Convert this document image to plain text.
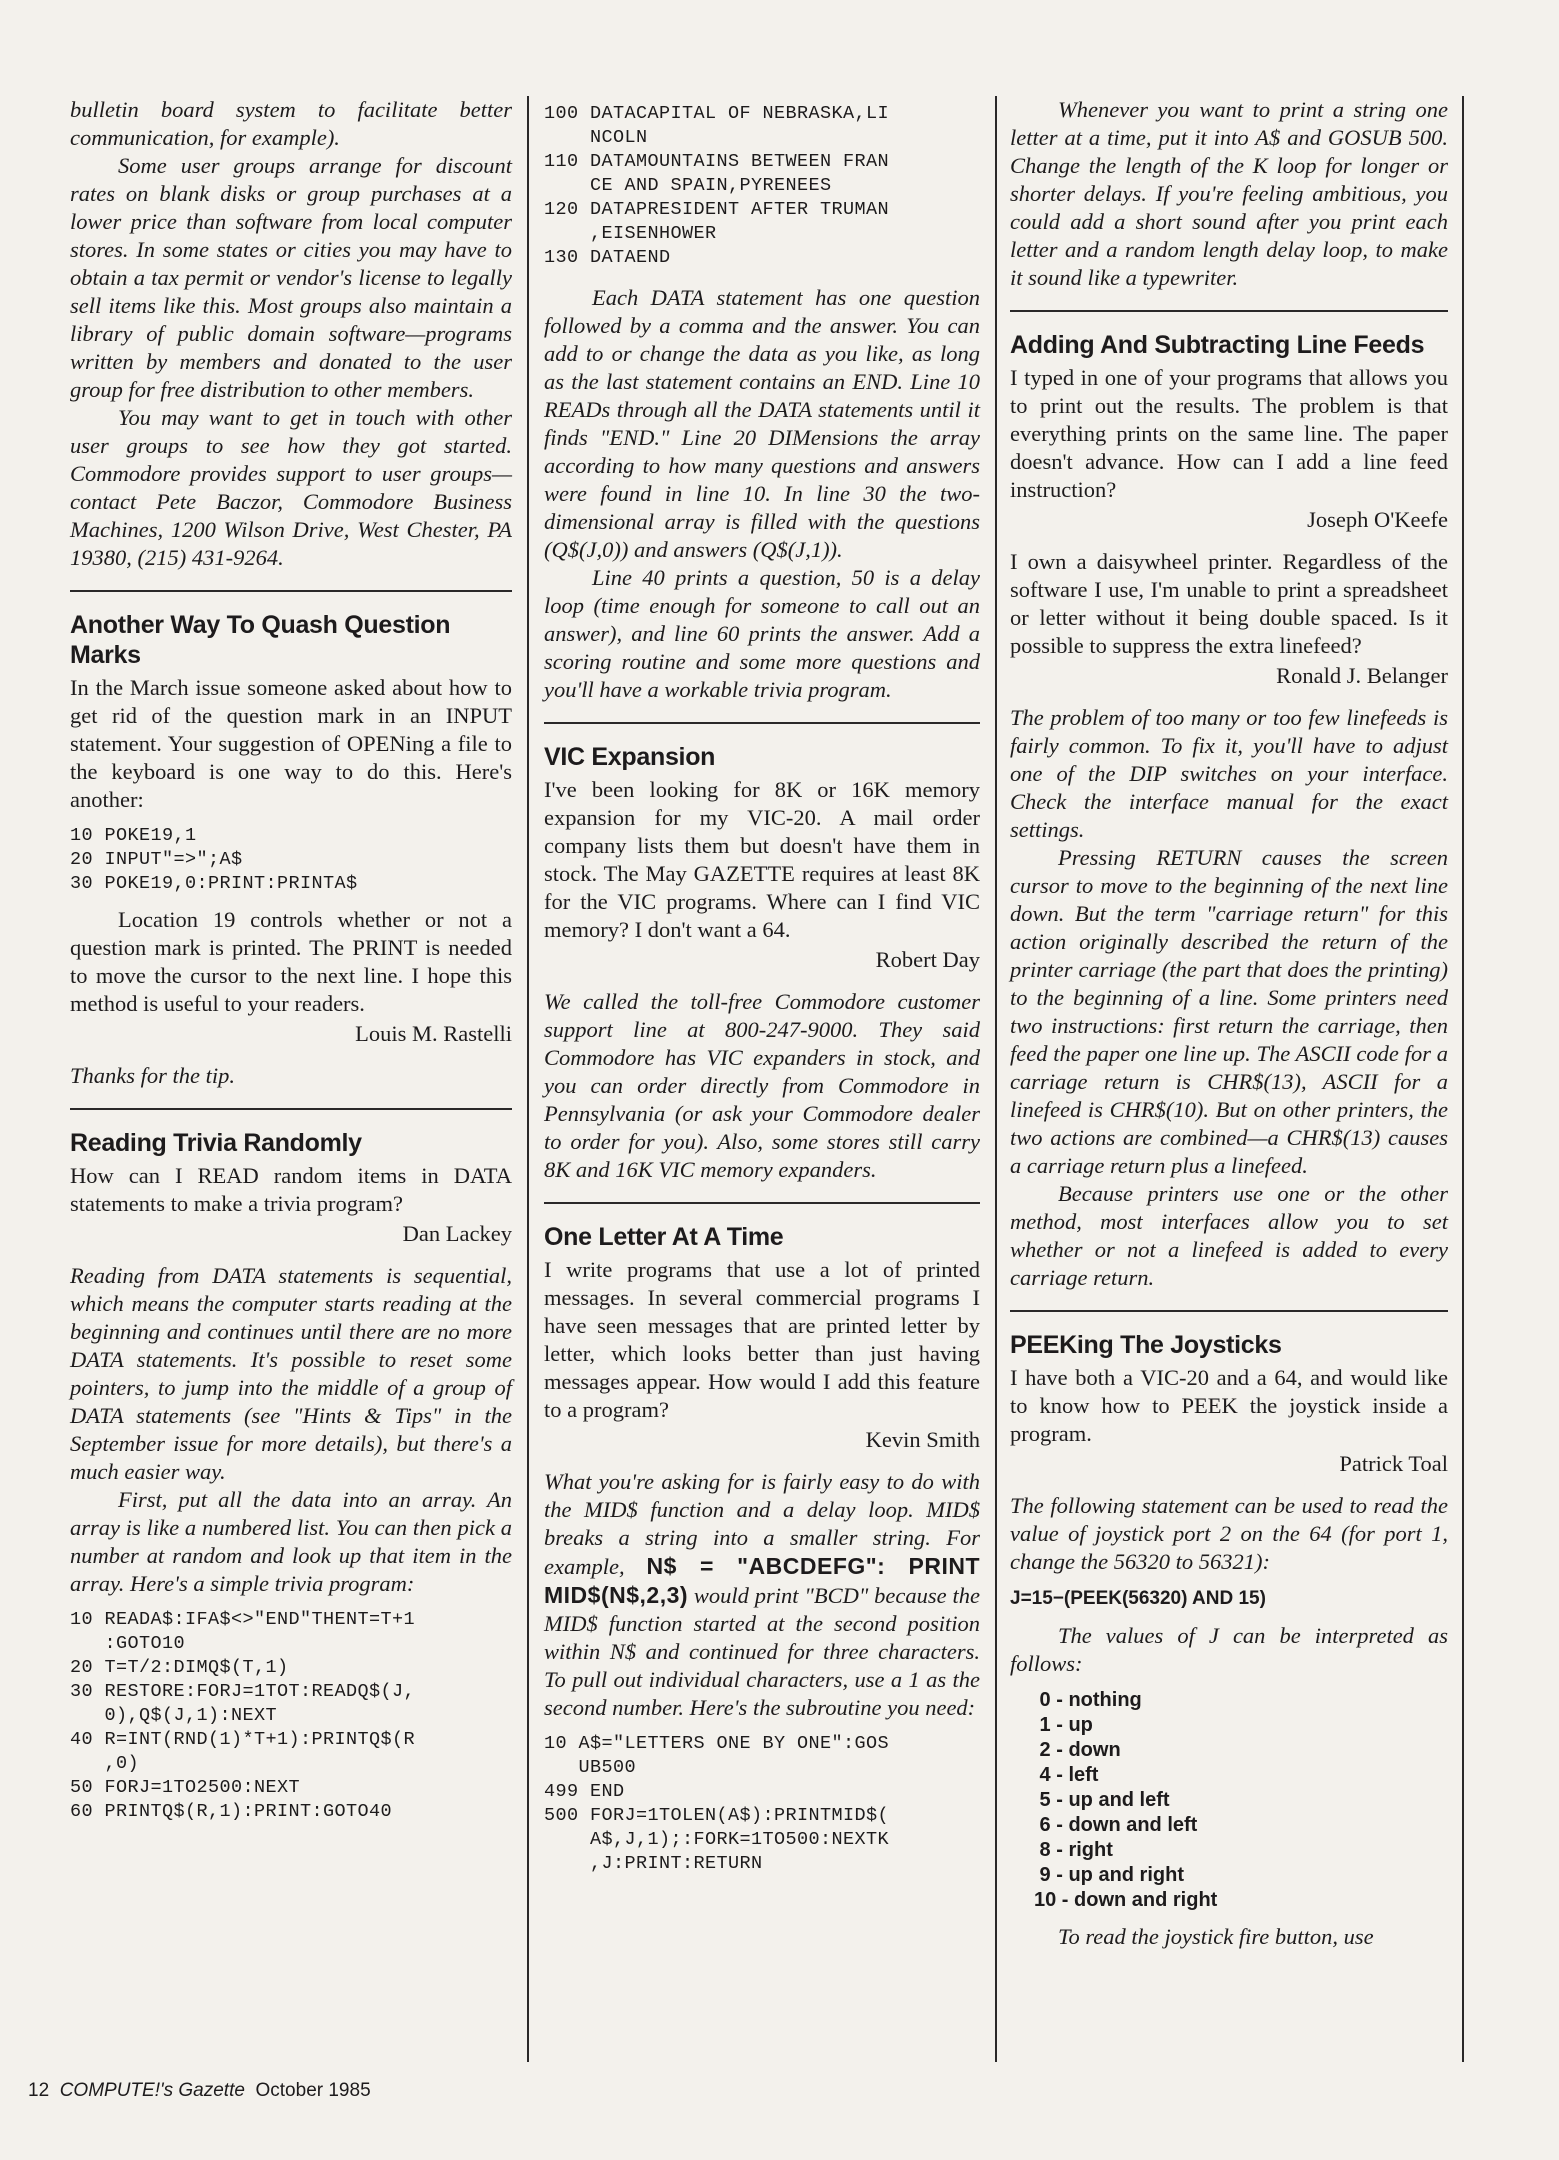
bulletin board system to facilitate better communication, for example).

Some user groups arrange for discount rates on blank disks or group purchases at a lower price than software from local computer stores. In some states or cities you may have to obtain a tax permit or vendor's license to legally sell items like this. Most groups also maintain a library of public domain software—programs written by members and donated to the user group for free distribution to other members.

You may want to get in touch with other user groups to see how they got started. Commodore provides support to user groups—contact Pete Baczor, Commodore Business Machines, 1200 Wilson Drive, West Chester, PA 19380, (215) 431-9264.

Another Way To Quash Question Marks

In the March issue someone asked about how to get rid of the question mark in an INPUT statement. Your suggestion of OPENing a file to the keyboard is one way to do this. Here's another:

10 POKE19,1
20 INPUT"=>";A$
30 POKE19,0:PRINT:PRINTA$

Location 19 controls whether or not a question mark is printed. The PRINT is needed to move the cursor to the next line. I hope this method is useful to your readers.

Louis M. Rastelli

Thanks for the tip.

Reading Trivia Randomly

How can I READ random items in DATA statements to make a trivia program?

Dan Lackey

Reading from DATA statements is sequential, which means the computer starts reading at the beginning and continues until there are no more DATA statements. It's possible to reset some pointers, to jump into the middle of a group of DATA statements (see "Hints & Tips" in the September issue for more details), but there's a much easier way.

First, put all the data into an array. An array is like a numbered list. You can then pick a number at random and look up that item in the array. Here's a simple trivia program:

10 READA$:IFA$<>"END"THENT=T+1
:GOTO10
20 T=T/2:DIMQ$(T,1)
30 RESTORE:FORJ=1TOT:READQ$(J,
0),Q$(J,1):NEXT
40 R=INT(RND(1)*T+1):PRINTQ$(R
,0)
50 FORJ=1TO2500:NEXT
60 PRINTQ$(R,1):PRINT:GOTO40
100 DATACAPITAL OF NEBRASKA,LI
NCOLN
110 DATAMOUNTAINS BETWEEN FRAN
CE AND SPAIN,PYRENEES
120 DATAPRESIDENT AFTER TRUMAN
,EISENHOWER
130 DATAEND

Each DATA statement has one question followed by a comma and the answer. You can add to or change the data as you like, as long as the last statement contains an END. Line 10 READs through all the DATA statements until it finds "END." Line 20 DIMensions the array according to how many questions and answers were found in line 10. In line 30 the two-dimensional array is filled with the questions (Q$(J,0)) and answers (Q$(J,1)).

Line 40 prints a question, 50 is a delay loop (time enough for someone to call out an answer), and line 60 prints the answer. Add a scoring routine and some more questions and you'll have a workable trivia program.

VIC Expansion

I've been looking for 8K or 16K memory expansion for my VIC-20. A mail order company lists them but doesn't have them in stock. The May GAZETTE requires at least 8K for the VIC programs. Where can I find VIC memory? I don't want a 64.

Robert Day

We called the toll-free Commodore customer support line at 800-247-9000. They said Commodore has VIC expanders in stock, and you can order directly from Commodore in Pennsylvania (or ask your Commodore dealer to order for you). Also, some stores still carry 8K and 16K VIC memory expanders.

One Letter At A Time

I write programs that use a lot of printed messages. In several commercial programs I have seen messages that are printed letter by letter, which looks better than just having messages appear. How would I add this feature to a program?

Kevin Smith

What you're asking for is fairly easy to do with the MID$ function and a delay loop. MID$ breaks a string into a smaller string. For example, N$ = "ABCDEFG": PRINT MID$(N$,2,3) would print "BCD" because the MID$ function started at the second position within N$ and continued for three characters. To pull out individual characters, use a 1 as the second number. Here's the subroutine you need:

10 A$="LETTERS ONE BY ONE":GOS
UB500
499 END
500 FORJ=1TOLEN(A$):PRINTMID$(
A$,J,1);:FORK=1TO500:NEXTK
,J:PRINT:RETURN

Whenever you want to print a string one letter at a time, put it into A$ and GOSUB 500. Change the length of the K loop for longer or shorter delays. If you're feeling ambitious, you could add a short sound after you print each letter and a random length delay loop, to make it sound like a typewriter.

Adding And Subtracting Line Feeds

I typed in one of your programs that allows you to print out the results. The problem is that everything prints on the same line. The paper doesn't advance. How can I add a line feed instruction?

Joseph O'Keefe

I own a daisywheel printer. Regardless of the software I use, I'm unable to print a spreadsheet or letter without it being double spaced. Is it possible to suppress the extra linefeed?

Ronald J. Belanger

The problem of too many or too few linefeeds is fairly common. To fix it, you'll have to adjust one of the DIP switches on your interface. Check the interface manual for the exact settings.

Pressing RETURN causes the screen cursor to move to the beginning of the next line down. But the term "carriage return" for this action originally described the return of the printer carriage (the part that does the printing) to the beginning of a line. Some printers need two instructions: first return the carriage, then feed the paper one line up. The ASCII code for a carriage return is CHR$(13), ASCII for a linefeed is CHR$(10). But on other printers, the two actions are combined—a CHR$(13) causes a carriage return plus a linefeed.

Because printers use one or the other method, most interfaces allow you to set whether or not a linefeed is added to every carriage return.

PEEKing The Joysticks

I have both a VIC-20 and a 64, and would like to know how to PEEK the joystick inside a program.

Patrick Toal

The following statement can be used to read the value of joystick port 2 on the 64 (for port 1, change the 56320 to 56321):

J=15−(PEEK(56320) AND 15)

The values of J can be interpreted as follows:

0 - nothing
1 - up
2 - down
4 - left
5 - up and left
6 - down and left
8 - right
9 - up and right
10 - down and right

To read the joystick fire button, use

12 COMPUTE!'s Gazette October 1985
